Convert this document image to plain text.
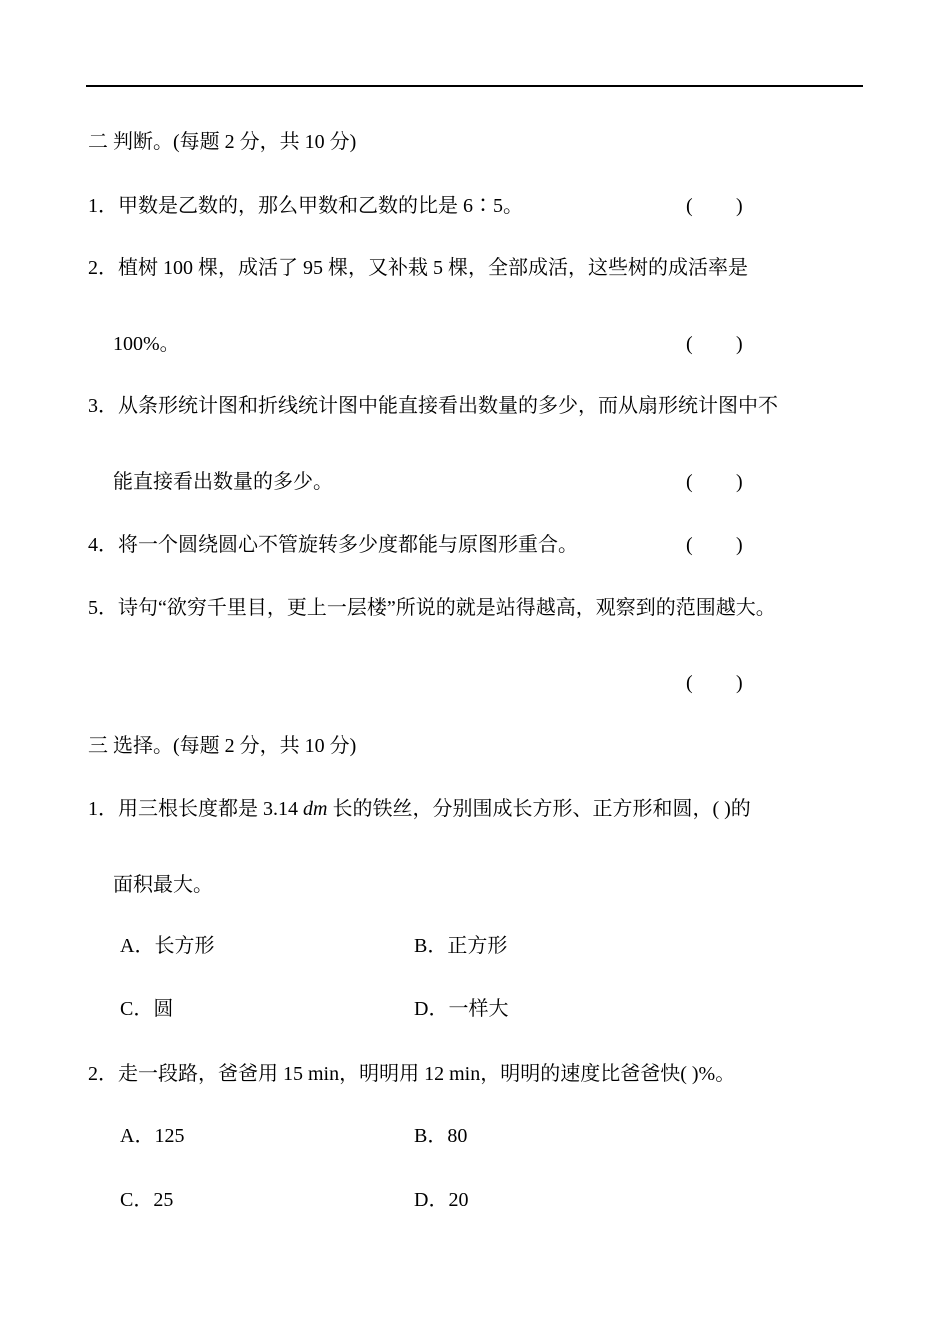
二 判断。(每题 2 分，共 10 分)
1．甲数是乙数的，那么甲数和乙数的比是 6∶5。	( )
2．植树 100 棵，成活了 95 棵，又补栽 5 棵，全部成活，这些树的成活率是
100%。	( )
3．从条形统计图和折线统计图中能直接看出数量的多少，而从扇形统计图中不
能直接看出数量的多少。	( )
4．将一个圆绕圆心不管旋转多少度都能与原图形重合。	( )
5．诗句“欲穷千里目，更上一层楼”所说的就是站得越高，观察到的范围越大。
( )
三 选择。(每题 2 分，共 10 分)
1．用三根长度都是 3.14 dm 长的铁丝，分别围成长方形、正方形和圆，( )的
面积最大。
A．长方形	B．正方形
C．圆	D．一样大
2．走一段路，爸爸用 15 min，明明用 12 min，明明的速度比爸爸快( )%。
A．125	B．80
C．25	D．20
